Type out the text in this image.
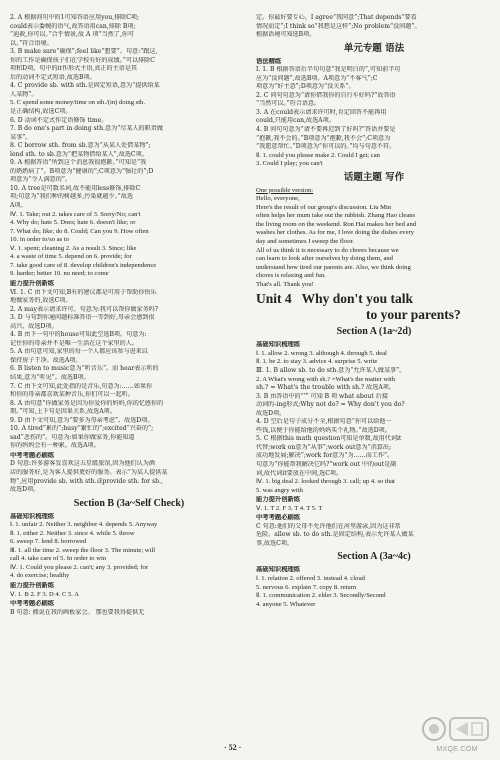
2. A 根据问句中的1可知答语应用you,排除C项;
could表示委婉的语气,故答语用can,排除 B项;
“迪救,你可以。”合乎情景,故 A 项“当然了,你可
以。”符合语境。
3. B make sure“确保”;feel like“想要”。句意:“跟这,
你的工作是确保孩子们在学校有好的成绩。”可以排除C
项和D项。句中的it作形式主语,真正的主语是其
后的动词不定式短语,故选B项。
4. C provide sb. with sth.是固定短语,意为“提供给某
人某物”。
5. C spend some money/time on sth./(in) doing sth.
是正确结构,故选C项。
6. D 动词不定式作定语修饰 time。
7. B do one's part in doing sth.意为“尽某人的职责做
某事”。
8. C borrow sth. from sb.意为“从某人处借某物”;
lend sth. to sb.意为“把某物借给某人”,故选C项。
9. A 根据答语“所到这个消息我很抱歉。”可知是“我
的奶奶病了”。B项意为“健康的”;C项意为“强壮的”;D
项意为“令人满意的”。
10. A tree是可数名词,故不能用less修饰,排除C
项;句意为“我们种的树越多,污染就越少。”故选
A项。
Ⅳ. 1. Take; out 2. takes care of 3. Sorry/No; can't
4. Why do; hate 5. Does; hate 6. doesn't like; or
7. What do; like; do 8. Could; Can you 9. How often
10. in order to/so as to
Ⅴ. 1. spent; cleaning 2. As a result 3. Since; like
4. a waste of time 5. depend on 6. provide; for
7. take good care of 8. develop children's independence
9. harder; better 10. no need; to come
能力提升创新练
Ⅵ. 1. C 由下文可知,B有的建议都是可用于帮助你快乐
地做家务的,故选C项。
2. A may表示请求许可。句意为:我可以帮你做家务吗?
3. D 与句到你通问题标准答语一等到好,母亲会感到很
高兴。故选D项。
4. B 由下一句中的house可知此空选B项。句意为:
记住你的母亲并不是唯一生活在这个家里的人。
5. A 由句意可知,家里的每一个人都应该参与进来以
保持房子干净。故选A项。
6. B listen to music意为“听音乐”。而 hear表示听的
结果,意为“听见”。故选B项。
7. C 由下文可知,此处指的是音乐,句意为:……如果你
和你的母亲都喜欢某种音乐,你们可以一起听。
8. A 由句意“你做家务是因为你爱你的妈妈,你的忆感你的
期。”可知,上下句是因果关系,故选A项。
9. D 由下文可知,意为“要多为母亲考虑”。故选D项。
10. A tired“累的”;busy“繁忙的”;excited“兴奋的”;
sad“悲伤的”。句意为:如果你做家务,你能知道
你的妈妈会有一种累。故选A项。
中考考题必刷练
D 句意:许多游客发喜欢这五星级旅馆,因为他们认为酒
店的服务好,是为客人提供更好的服务。表示“为某人提供某
物”,应用provide sb. with sth.或provide sth. for sb.,
故选D项。
Section B (3a~Self Check)
基础知识梳理练
Ⅰ. 1. unfair 2. Neither 3. neighbor 4. depends 5. Anyway
Ⅱ. 1. either 2. Neither 3. since 4. while 5. throw
6. sweep 7. lend 8. borrowed
Ⅲ. 1. all the time 2. sweep the floor 3. The minute; will
call 4. take care of 5. In order to win
Ⅳ. 1. Could you please 2. can't; any 3. provided; for
4. do exercise; healthy
能力提升创新练
Ⅴ. 1. B 2. F 3. D 4. C 5. A
中考考题必刷练
B 句意: 搬说在我的画板家会。 那也要我得提供无
定。你最好要专心。I agree“我同意”;That depends“要看
情况而定”;I think so“我想是这样”;No problem“没问题”。
根据语境可知选B项。
单元专题 语法
语法精练
Ⅰ. 1. B 根据答语后半句句意“我是明白的”,可知前半句
应为“没问题”,故选B项。A项意为“不客气”;C
项意为“好主意”;D项意为“没关系”。
2. C 问句句意为“请你借我你的自行车好吗?”故答语
“当然可以。”符合语意。
3. A 在could表示请求许可时,肯定回答不能再用
could,只能用can,故选A项。
4. B 问句句意为“请不要再迟到了好吗?”答语并要是
“抱歉,我不会的。”B项意为“抱歉,我不会”;C项意为
“我愿意帮忙。”D项意为“你可以的。”均与句意不符。
Ⅱ. 1. could you please make 2. Could I get; can
3. Could I play; you can't
话题主题 写作
One possible version:
Hello, everyone,
Here's the result of our group's discussion. Liu Min
often helps her mum take out the rubbish. Zhang Hao cleans
the living room on the weekend. Ron Hai makes her bed and
washes her clothes. As for me, I love doing the dishes every
day and sometimes I sweep the floor.
All of us think it is necessary to do chores because we
can learn to look after ourselves by doing them, and
understand how tired our parents are. Also, we think doing
chores is relaxing and fun.
That's all. Thank you!
Unit 4 Why don't you talk
to your parents?
Section A (1a~2d)
基础知识梳理练
Ⅰ. 1. allow 2. wrong 3. although 4. through 5. deal
Ⅱ. 1. be 2. to stay 3. advice 4. surprise 5. write
Ⅲ. 1. B allow sb. to do sth.意为“允许某人做某事”。
2. A What's wrong with sh.? =What's the matter with
sh.? = What's the trouble with sh.? 故选A项。
3. B 由答语中的“'” 可知 B 项 what about 后接
动词的-ing形式;Why not do? = Why don't you do?
故选D项。
4. D 空后是句子成分不全,根据句意“你可以给他一
些钱,以便于你能给他的妈妈买个礼物。”故选D项。
5. C 根据this math question可知是单数,故用代词it
代替;work on意为“从事”;work out意为“消算出;
成功地发展;解决”;work for意为“为……而工作”。
句意为“你能帮我解决它吗?”work out 中的out是副
词,故代词it要放在中间,选C项。
Ⅳ. 1. big deal 2. looked through 3. call; up 4. so that
5. was angry with
能力提升创新练
Ⅴ. 1. T 2. F 3. T 4. T 5. T
中考考题必刷练
C 句意:他们的父母不允许他们在河里游泳,因为这非常
危险。allow sb. to do sth.是固定结构,表示允许某人做某
事,故选C项。
Section A (3a~4c)
基础知识梳理练
Ⅰ. 1. relation 2. offered 3. instead 4. cloud
5. nervous 6. explain 7. copy 8. return
Ⅱ. 1. communication 2. elder 3. Secondly/Second
4. anyone 5. Whatever
· 52 ·	MXQE.COM
